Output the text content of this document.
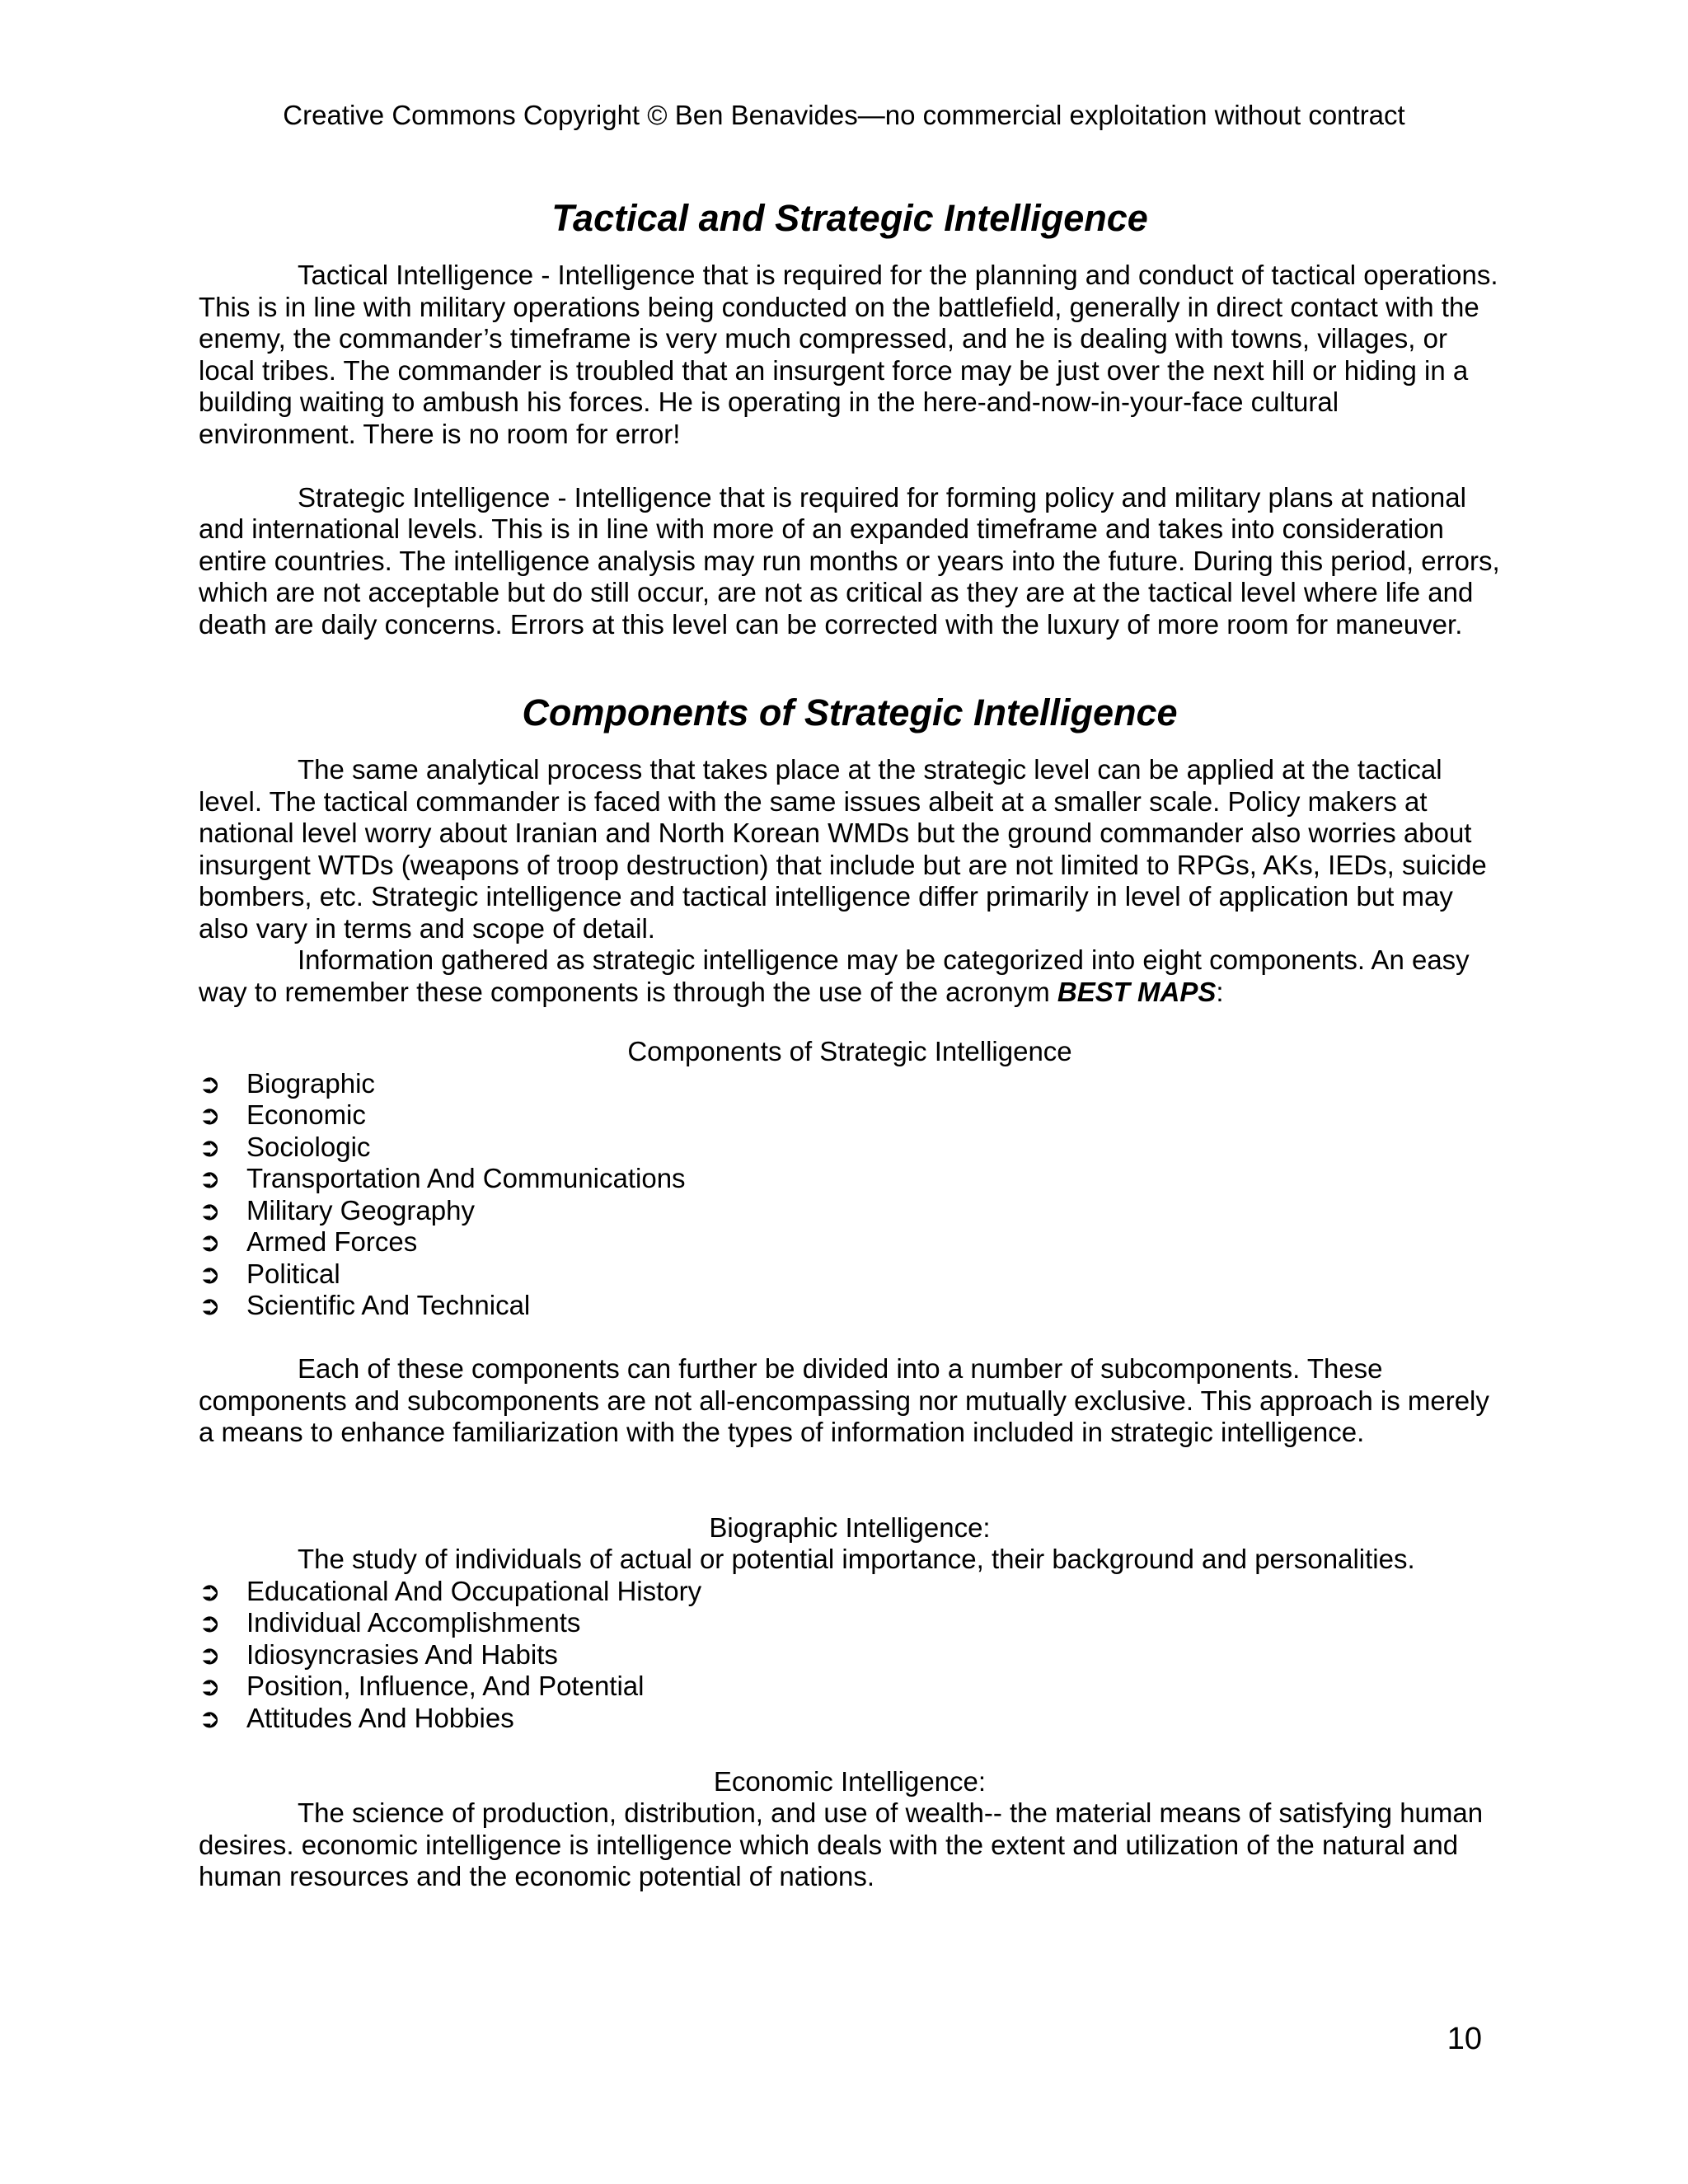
Creative Commons Copyright © Ben Benavides—no commercial exploitation without contract
Tactical and Strategic Intelligence

Tactical Intelligence - Intelligence that is required for the planning and conduct of tactical operations. This is in line with military operations being conducted on the battlefield, generally in direct contact with the enemy, the commander’s timeframe is very much compressed, and he is dealing with towns, villages, or local tribes. The commander is troubled that an insurgent force may be just over the next hill or hiding in a building waiting to ambush his forces. He is operating in the here-and-now-in-your-face cultural environment. There is no room for error!

Strategic Intelligence - Intelligence that is required for forming policy and military plans at national and international levels. This is in line with more of an expanded timeframe and takes into consideration entire countries. The intelligence analysis may run months or years into the future. During this period, errors, which are not acceptable but do still occur, are not as critical as they are at the tactical level where life and death are daily concerns. Errors at this level can be corrected with the luxury of more room for maneuver.

Components of Strategic Intelligence

The same analytical process that takes place at the strategic level can be applied at the tactical level. The tactical commander is faced with the same issues albeit at a smaller scale. Policy makers at national level worry about Iranian and North Korean WMDs but the ground commander also worries about insurgent WTDs (weapons of troop destruction) that include but are not limited to RPGs, AKs, IEDs, suicide bombers, etc. Strategic intelligence and tactical intelligence differ primarily in level of application but may also vary in terms and scope of detail.

Information gathered as strategic intelligence may be categorized into eight components. An easy way to remember these components is through the use of the acronym BEST MAPS:

Components of Strategic Intelligence

➲ Biographic
➲ Economic
➲ Sociologic
➲ Transportation And Communications
➲ Military Geography
➲ Armed Forces
➲ Political
➲ Scientific And Technical

Each of these components can further be divided into a number of subcomponents. These components and subcomponents are not all-encompassing nor mutually exclusive. This approach is merely a means to enhance familiarization with the types of information included in strategic intelligence.

Biographic Intelligence:

The study of individuals of actual or potential importance, their background and personalities.

➲ Educational And Occupational History
➲ Individual Accomplishments
➲ Idiosyncrasies And Habits
➲ Position, Influence, And Potential
➲ Attitudes And Hobbies

Economic Intelligence:

The science of production, distribution, and use of wealth-- the material means of satisfying human desires. economic intelligence is intelligence which deals with the extent and utilization of the natural and human resources and the economic potential of nations.

10
